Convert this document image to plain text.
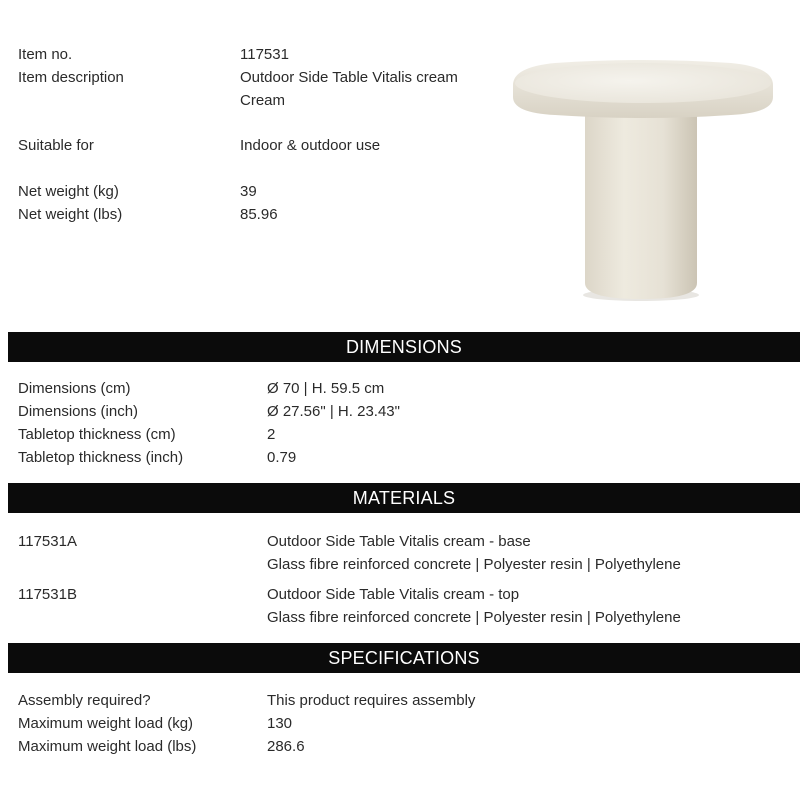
Item no.	117531
Item description	Outdoor Side Table Vitalis cream
Cream
Suitable for	Indoor & outdoor use
Net weight (kg)	39
Net weight (lbs)	85.96
DIMENSIONS
Dimensions (cm)	Ø 70 | H. 59.5 cm
Dimensions (inch)	Ø 27.56" | H. 23.43"
Tabletop thickness (cm)	2
Tabletop thickness (inch)	0.79
MATERIALS
117531A	Outdoor Side Table Vitalis cream - base
Glass fibre reinforced concrete | Polyester resin | Polyethylene
117531B	Outdoor Side Table Vitalis cream - top
Glass fibre reinforced concrete | Polyester resin | Polyethylene
SPECIFICATIONS
Assembly required?	This product requires assembly
Maximum weight load (kg)	130
Maximum weight load (lbs)	286.6
